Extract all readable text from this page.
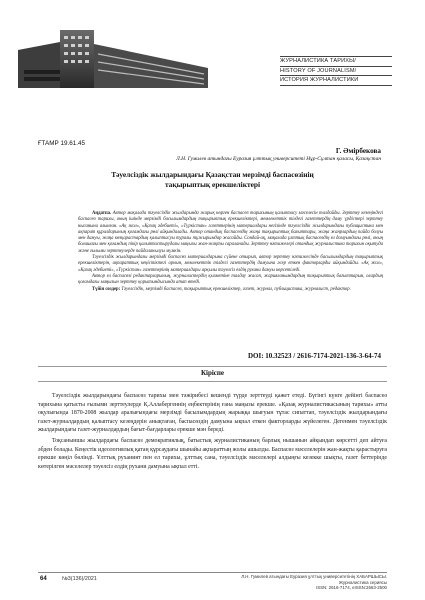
ЖУРНАЛИСТИКА ТАРИХЫ/
HISTORY OF JOURNALISM/
ИСТОРИЯ ЖУРНАЛИСТИКИ
ҒТАМР 19.61.45
Г. Әмірбекова
Л.Н. Гумилев атындағы Еуразия ұлттық университеті Нұр-Сұлтан қаласы, Қазақстан
Тәуелсіздік жылдарындағы Қазақстан мерзімді баспасөзінің
тақырыптық ерекшеліктері

Аңдатпа. Автор мақалада тәуелсіздік жылдарында жарық көрген баспасөз тарихының қалыптасу мәселесін талдайды. Зерттеу кезеңіндегі баспасөз тарихы, оның ішінде мерзімді басылымдардың тақырыптық ерекшеліктері, мемлекеттік тілдегі газеттердің даму үрдістері зерттеу нысанына алынған. «Ақ жол», «Қазақ әдебиеті», «Түркістан» газеттерінің материалдары негізінде тәуелсіздік жылдарындағы публицистика мен ақпарат құралдарының қоғамдағы рөлі айқындалады. Автор отандық баспасөздің жаңа тақырыптық бағыттары, жаңа жанрлардың пайда болуы мен дамуы, жаңа көзқарастардың қалыптасуы туралы тұжырымдар жасайды. Сондай-ақ, мақалада ұлттық баспасөздің ел дамуындағы рөлі, оның болашағы мен қоғамдық пікір қалыптастырудағы маңызы жан-жақты сараланады. Зерттеу нәтижелері отандық журналистика тарихын оқытуда және ғылыми зерттеулерде пайдаланылуы мүмкін.

Тәуелсіздік жылдарындағы мерзімді баспасөз материалдарына сүйене отырып, автор зерттеу нәтижесінде басылымдардың тақырыптық ерекшеліктерін, ақпараттық кеңістіктегі орнын, мемлекеттік тілдегі газеттердің дамуына әсер еткен факторларды айқындайды. «Ақ жол», «Қазақ әдебиеті», «Түркістан» газеттерінің материалдары арқылы тәуелсіз елдің рухани дамуы көрсетіледі.

Автор ел баспасөзі редакторларының, журналистердің қызметіне талдау жасап, жарияланымдардың тақырыптық бағыттарын, олардың қоғамдағы маңызын зерттеу қорытындысында атап өтеді.

Түйін сөздер: Тәуелсіздік, мерзімді баспасөз, тақырыптық ерекшеліктер, газет, журнал, публицистика, журналист, редактор.

DOI: 10.32523 / 2616-7174-2021-136-3-64-74
Кіріспе

Тәуелсіздік жылдарындағы баспасөз тарихы мен тәжірибесі кешенді түрде зерттеуді қажет етеді. Бүгінгі күнге дейінгі баспасөз тарихына қатысты ғылыми зерттеулерде Қ.Аллабергеннің еңбектерінің ғана маңызы ерекше. «Қазақ журналистикасының тарихы» атты оқулығында 1870-2008 жылдар аралығындағы мерзімді басылымдардың жарыққа шығуын тұтас сипаттап, тәуелсіздік жылдарындағы газет-журналдардың қалыптасу кезеңдерін анықтаған, баспасөздің дамуына ықпал еткен факторларды жүйелеген. Дегенмен тәуелсіздік жылдарындағы газет-журналдардың бағыт-бағдарлары ерекше мән береді.

Тоқсаныншы жылдардағы баспасөз демократиялық, батыстық журналистиканың барлық нышанын айқындап көрсетті деп айтуға әбден болады. Кеңестік идеологиялық қатаң құрсаудағы шынайы ақпараттың жолы ашылды. Баспасөз мәселелерін жан-жақты қарастыруға ерекше көңіл бөлінді. Ұлттық руханият пен ел тарихы, ұлттық сана, тәуелсіздік мәселелері алдыңғы кезекке шықты, газет беттерінде көтерілген мәселелер тәуелсіз елдің рухани дамуына ықпал етті.

64	№3(136)/2021	Л.Н. Гумилев атындағы Еуразия ұлттық университетінің ХАБАРШЫСЫ.
Журналистика сериясы
ISSN: 2616-7174, eISSN:2663-2500
